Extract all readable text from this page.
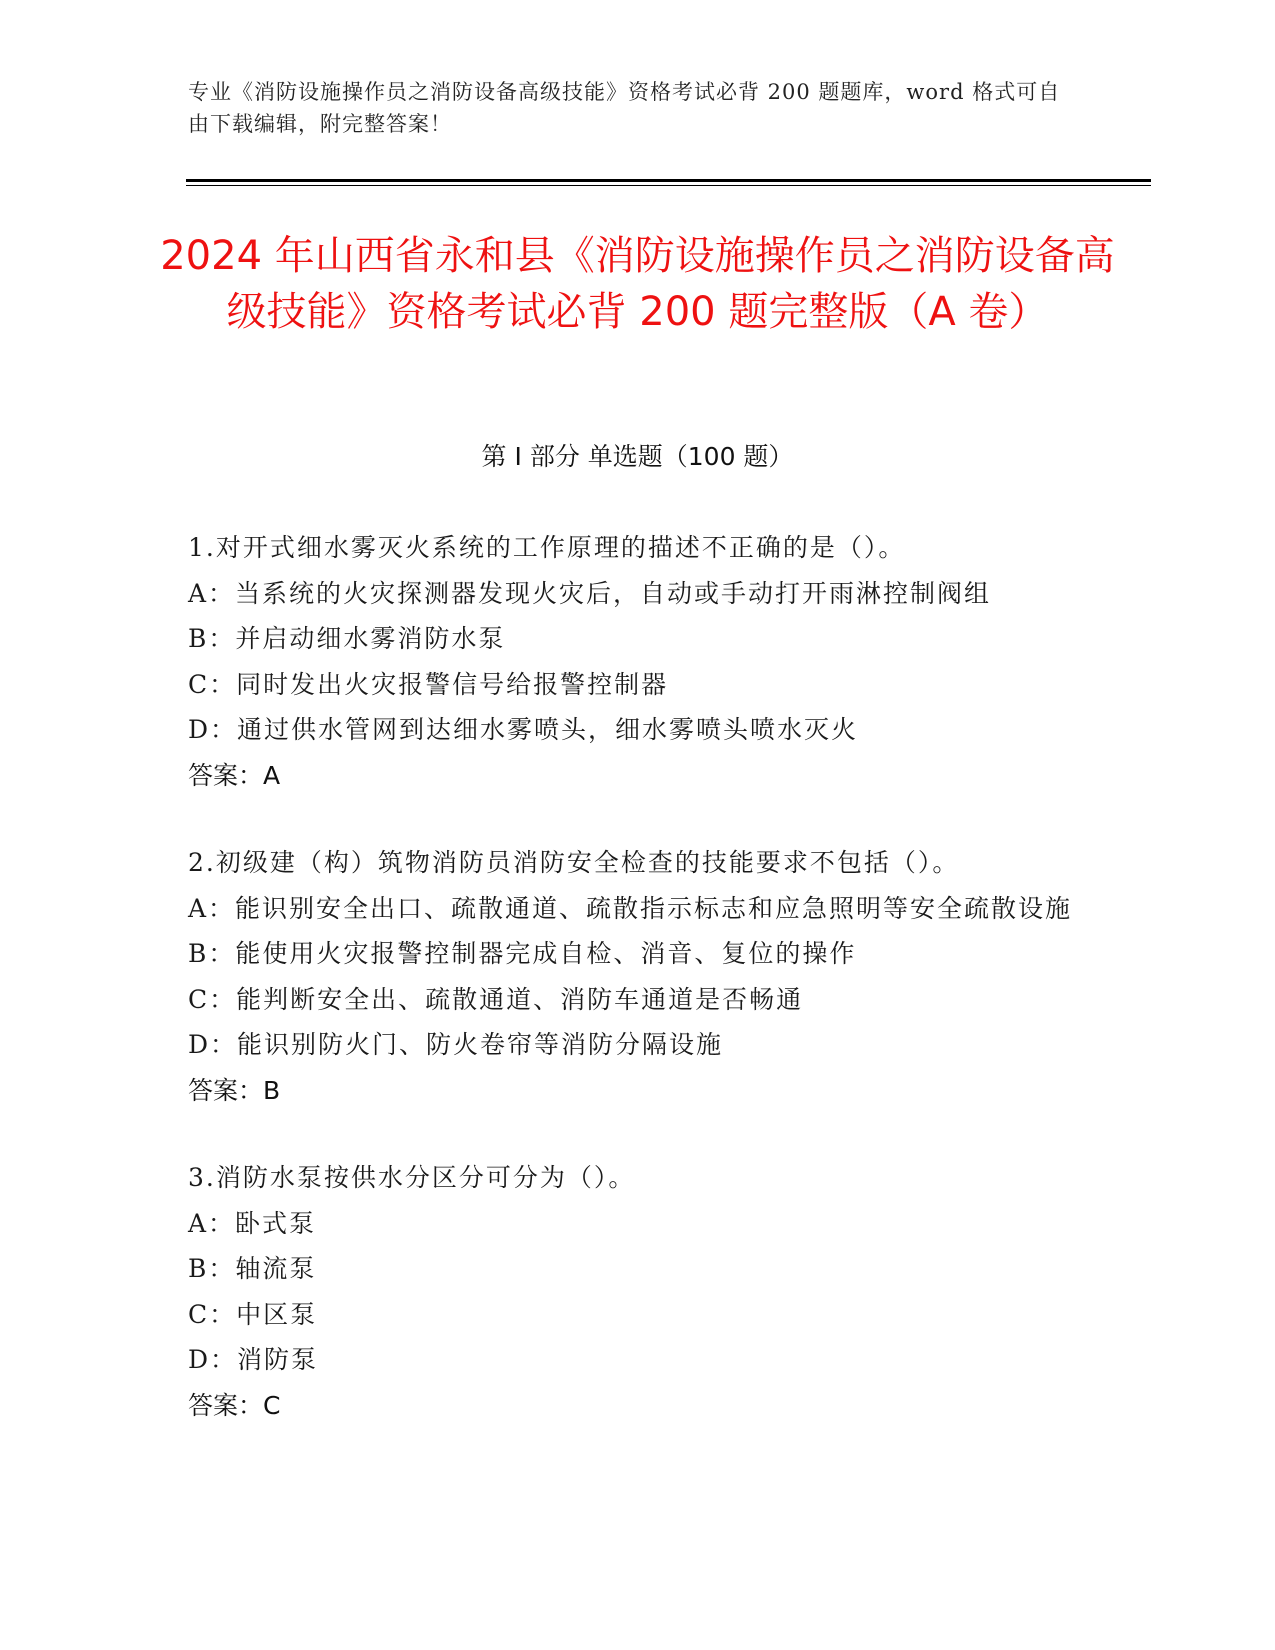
专业《消防设施操作员之消防设备高级技能》资格考试必背 200 题题库，word 格式可自由下载编辑，附完整答案！

2024 年山西省永和县《消防设施操作员之消防设备高级技能》资格考试必背 200 题完整版（A 卷）
第 I 部分 单选题（100 题）

1.对开式细水雾灭火系统的工作原理的描述不正确的是（）。

A：当系统的火灾探测器发现火灾后，自动或手动打开雨淋控制阀组

B：并启动细水雾消防水泵

C：同时发出火灾报警信号给报警控制器

D：通过供水管网到达细水雾喷头，细水雾喷头喷水灭火

答案：A

2.初级建（构）筑物消防员消防安全检查的技能要求不包括（）。

A：能识别安全出口、疏散通道、疏散指示标志和应急照明等安全疏散设施

B：能使用火灾报警控制器完成自检、消音、复位的操作

C：能判断安全出、疏散通道、消防车通道是否畅通

D：能识别防火门、防火卷帘等消防分隔设施

答案：B

3.消防水泵按供水分区分可分为（）。

A：卧式泵

B：轴流泵

C：中区泵

D：消防泵

答案：C
